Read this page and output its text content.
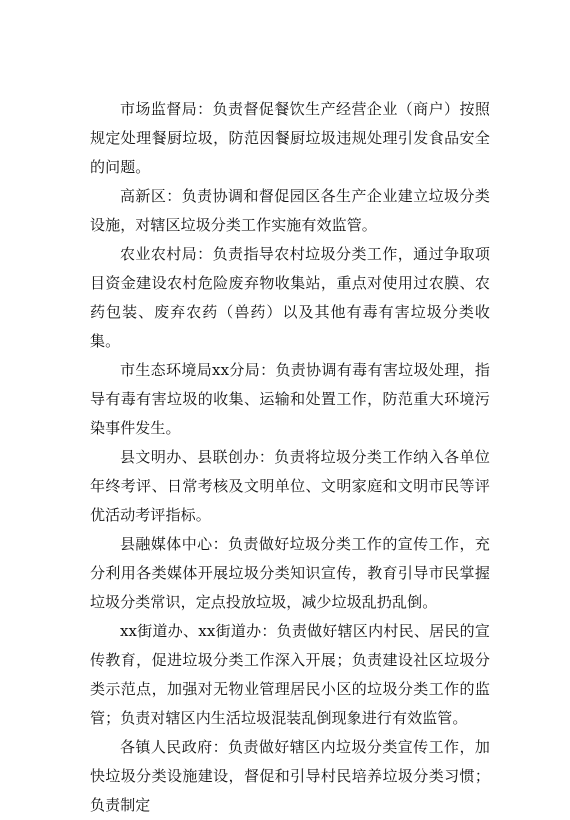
市场监督局：负责督促餐饮生产经营企业（商户）按照规定处理餐厨垃圾，防范因餐厨垃圾违规处理引发食品安全的问题。

高新区：负责协调和督促园区各生产企业建立垃圾分类设施，对辖区垃圾分类工作实施有效监管。

农业农村局：负责指导农村垃圾分类工作，通过争取项目资金建设农村危险废弃物收集站，重点对使用过农膜、农药包装、废弃农药（兽药）以及其他有毒有害垃圾分类收集。

市生态环境局xx分局：负责协调有毒有害垃圾处理，指导有毒有害垃圾的收集、运输和处置工作，防范重大环境污染事件发生。

县文明办、县联创办：负责将垃圾分类工作纳入各单位年终考评、日常考核及文明单位、文明家庭和文明市民等评优活动考评指标。

县融媒体中心：负责做好垃圾分类工作的宣传工作，充分利用各类媒体开展垃圾分类知识宣传，教育引导市民掌握垃圾分类常识，定点投放垃圾，减少垃圾乱扔乱倒。

xx街道办、xx街道办：负责做好辖区内村民、居民的宣传教育，促进垃圾分类工作深入开展；负责建设社区垃圾分类示范点，加强对无物业管理居民小区的垃圾分类工作的监管；负责对辖区内生活垃圾混装乱倒现象进行有效监管。

各镇人民政府：负责做好辖区内垃圾分类宣传工作，加快垃圾分类设施建设，督促和引导村民培养垃圾分类习惯；负责制定
